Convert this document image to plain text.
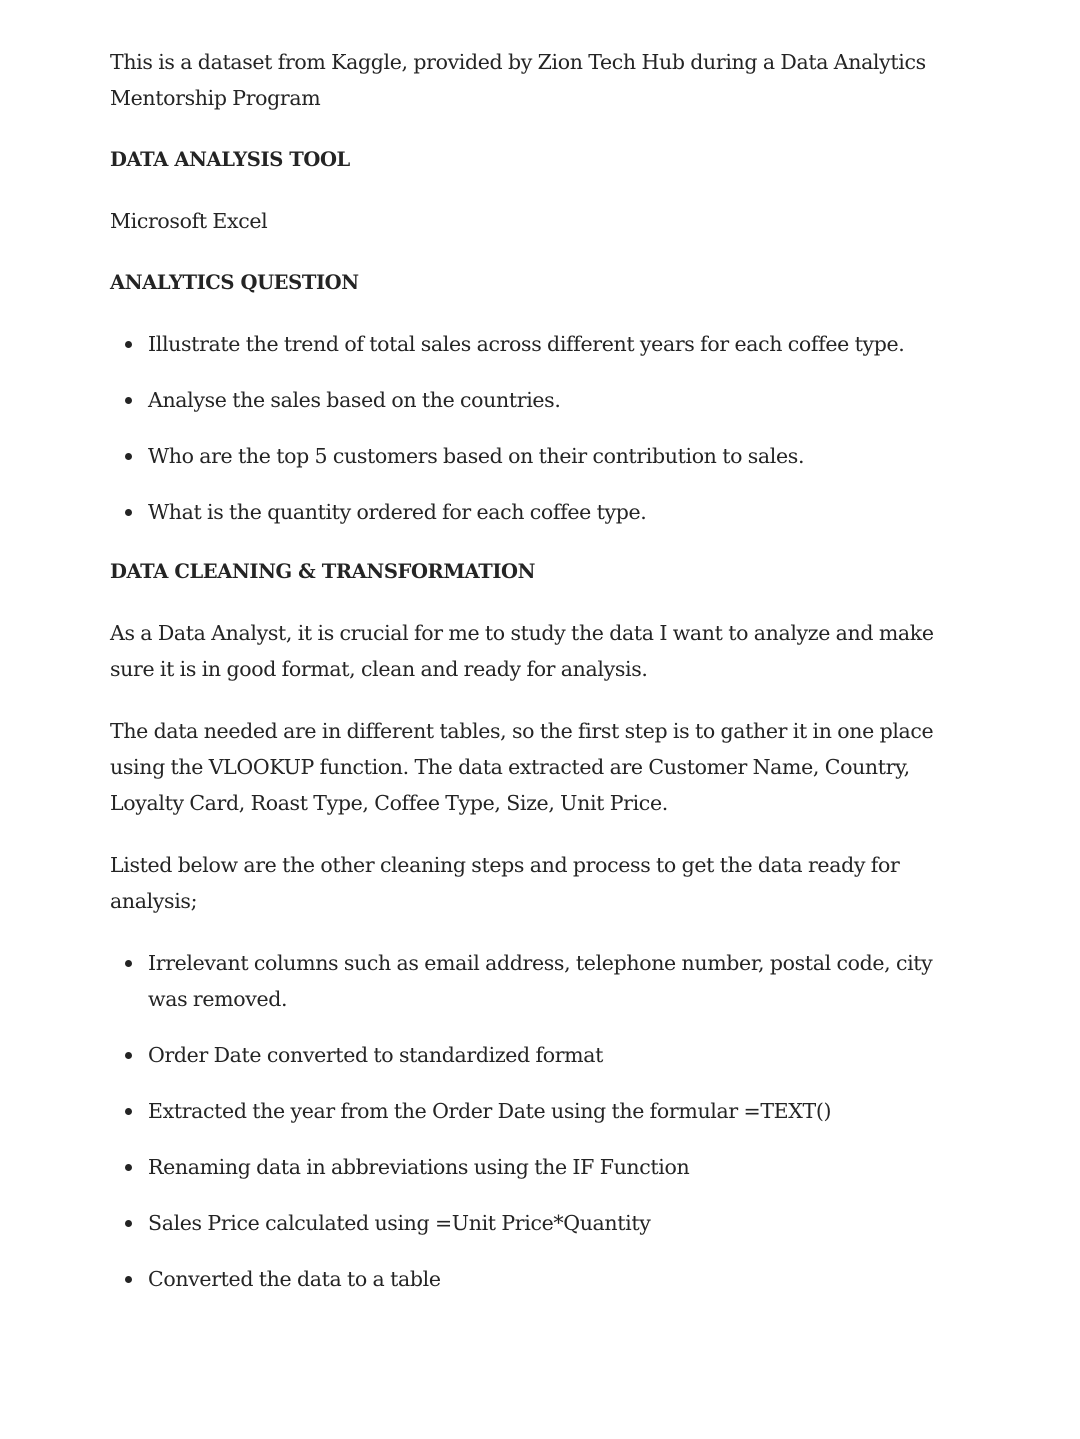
This is a dataset from Kaggle, provided by Zion Tech Hub during a Data Analytics Mentorship Program

DATA ANALYSIS TOOL

Microsoft Excel

ANALYTICS QUESTION

Illustrate the trend of total sales across different years for each coffee type.
Analyse the sales based on the countries.
Who are the top 5 customers based on their contribution to sales.
What is the quantity ordered for each coffee type.

DATA CLEANING & TRANSFORMATION

As a Data Analyst, it is crucial for me to study the data I want to analyze and make sure it is in good format, clean and ready for analysis.

The data needed are in different tables, so the first step is to gather it in one place using the VLOOKUP function. The data extracted are Customer Name, Country, Loyalty Card, Roast Type, Coffee Type, Size, Unit Price.

Listed below are the other cleaning steps and process to get the data ready for analysis;

Irrelevant columns such as email address, telephone number, postal code, city was removed.
Order Date converted to standardized format
Extracted the year from the Order Date using the formular =TEXT()
Renaming data in abbreviations using the IF Function
Sales Price calculated using =Unit Price*Quantity
Converted the data to a table
